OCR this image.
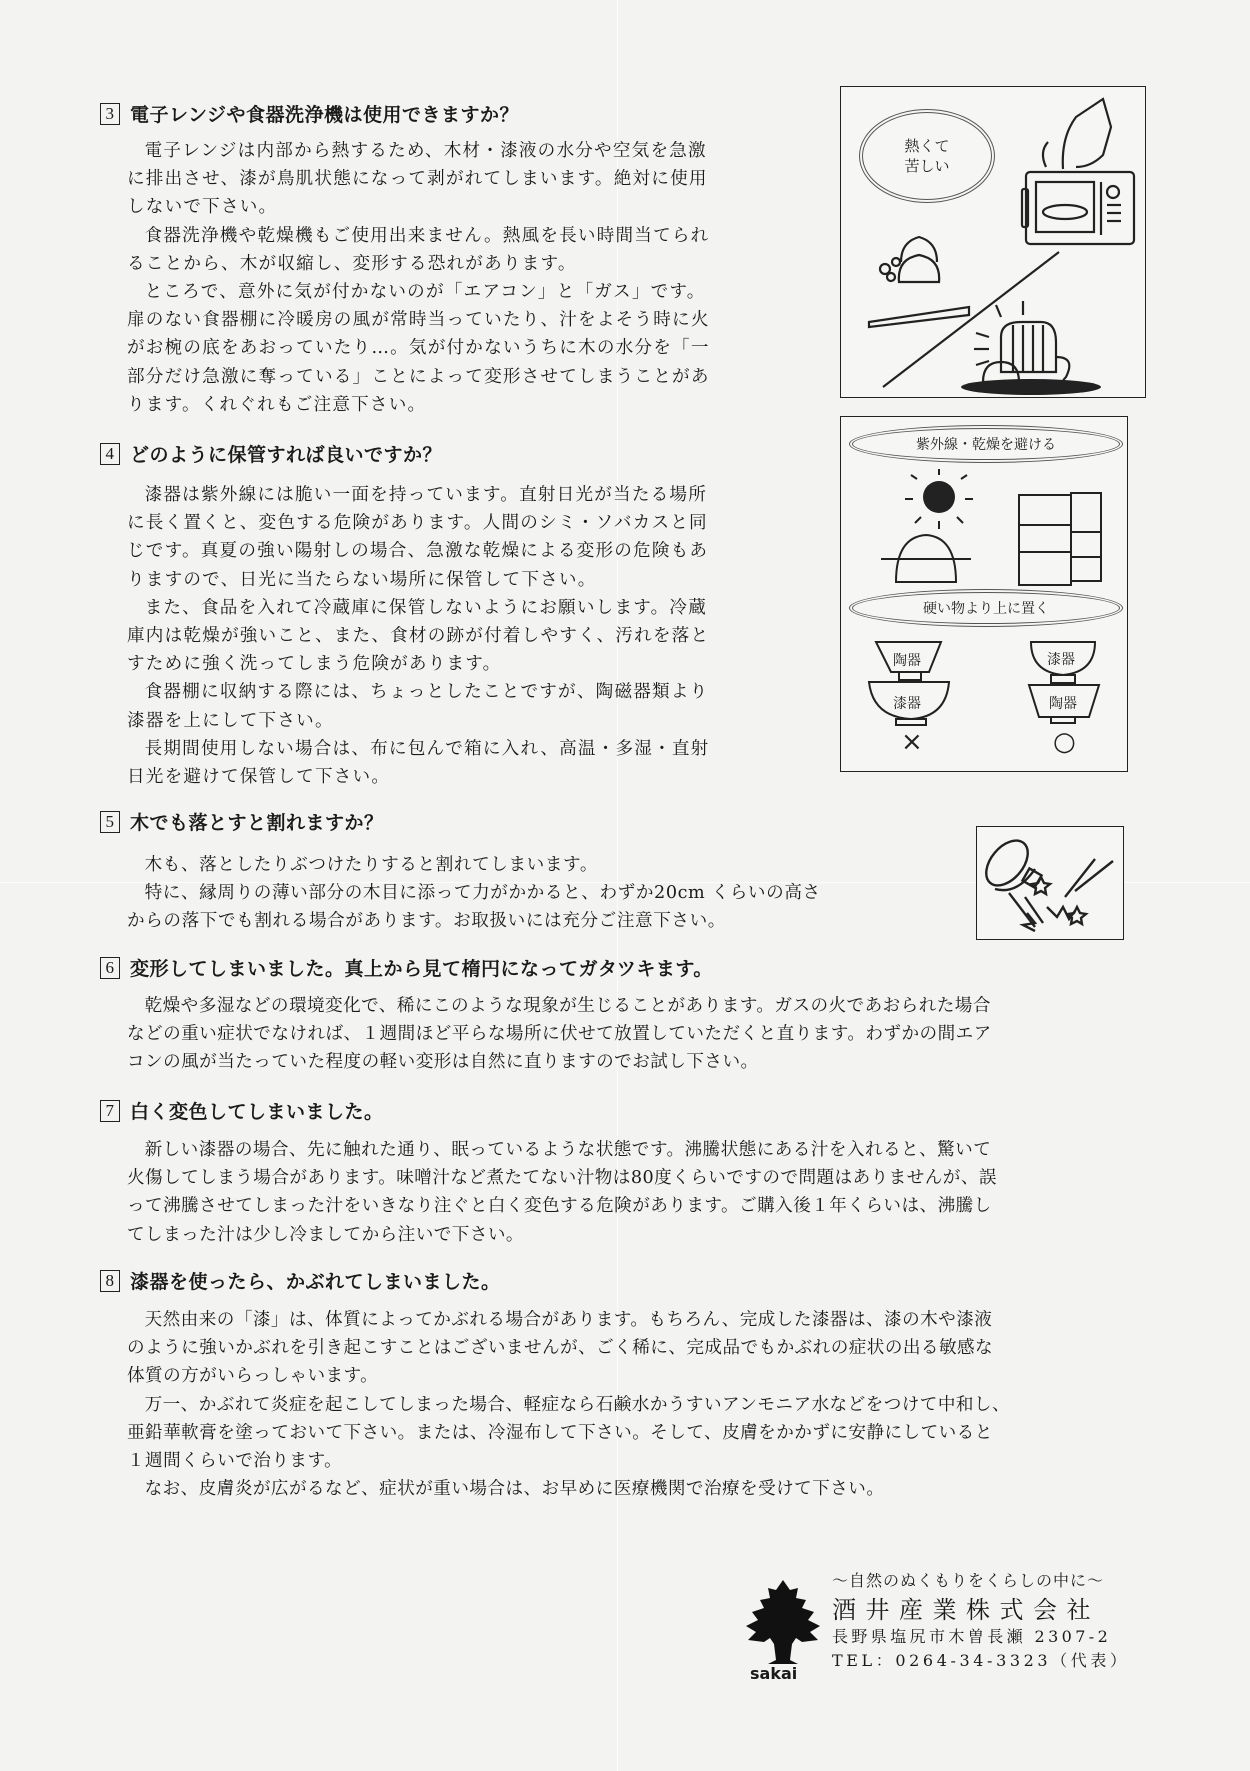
3 電子レンジや食器洗浄機は使用できますか？

電子レンジは内部から熱するため、木材・漆液の水分や空気を急激

に排出させ、漆が鳥肌状態になって剥がれてしまいます。絶対に使用

しないで下さい。

食器洗浄機や乾燥機もご使用出来ません。熱風を長い時間当てられ

ることから、木が収縮し、変形する恐れがあります。

ところで、意外に気が付かないのが「エアコン」と「ガス」です。

扉のない食器棚に冷暖房の風が常時当っていたり、汁をよそう時に火

がお椀の底をあおっていたり…。気が付かないうちに木の水分を「一

部分だけ急激に奪っている」ことによって変形させてしまうことがあ

ります。くれぐれもご注意下さい。

熱くて
苦しい
4 どのように保管すれば良いですか？

漆器は紫外線には脆い一面を持っています。直射日光が当たる場所

に長く置くと、変色する危険があります。人間のシミ・ソバカスと同

じです。真夏の強い陽射しの場合、急激な乾燥による変形の危険もあ

りますので、日光に当たらない場所に保管して下さい。

また、食品を入れて冷蔵庫に保管しないようにお願いします。冷蔵

庫内は乾燥が強いこと、また、食材の跡が付着しやすく、汚れを落と

すために強く洗ってしまう危険があります。

食器棚に収納する際には、ちょっとしたことですが、陶磁器類より

漆器を上にして下さい。

長期間使用しない場合は、布に包んで箱に入れ、高温・多湿・直射

日光を避けて保管して下さい。

紫外線・乾燥を避ける
硬い物より上に置く
陶器
漆器
漆器
陶器
×	○
5 木でも落とすと割れますか？

木も、落としたりぶつけたりすると割れてしまいます。

特に、縁周りの薄い部分の木目に添って力がかかると、わずか20cm くらいの高さ

からの落下でも割れる場合があります。お取扱いには充分ご注意下さい。

6 変形してしまいました。真上から見て楕円になってガタツキます。

乾燥や多湿などの環境変化で、稀にこのような現象が生じることがあります。ガスの火であおられた場合

などの重い症状でなければ、１週間ほど平らな場所に伏せて放置していただくと直ります。わずかの間エア

コンの風が当たっていた程度の軽い変形は自然に直りますのでお試し下さい。

7 白く変色してしまいました。

新しい漆器の場合、先に触れた通り、眠っているような状態です。沸騰状態にある汁を入れると、驚いて

火傷してしまう場合があります。味噌汁など煮たてない汁物は80度くらいですので問題はありませんが、誤

って沸騰させてしまった汁をいきなり注ぐと白く変色する危険があります。ご購入後１年くらいは、沸騰し

てしまった汁は少し冷ましてから注いで下さい。

8 漆器を使ったら、かぶれてしまいました。

天然由来の「漆」は、体質によってかぶれる場合があります。もちろん、完成した漆器は、漆の木や漆液

のように強いかぶれを引き起こすことはございませんが、ごく稀に、完成品でもかぶれの症状の出る敏感な

体質の方がいらっしゃいます。

万一、かぶれて炎症を起こしてしまった場合、軽症なら石鹸水かうすいアンモニア水などをつけて中和し、

亜鉛華軟膏を塗っておいて下さい。または、冷湿布して下さい。そして、皮膚をかかずに安静にしていると

１週間くらいで治ります。

なお、皮膚炎が広がるなど、症状が重い場合は、お早めに医療機関で治療を受けて下さい。

sakai
〜自然のぬくもりをくらしの中に〜
酒井産業株式会社
長野県塩尻市木曽長瀬 2307-2
TEL：0264-34-3323（代表）
